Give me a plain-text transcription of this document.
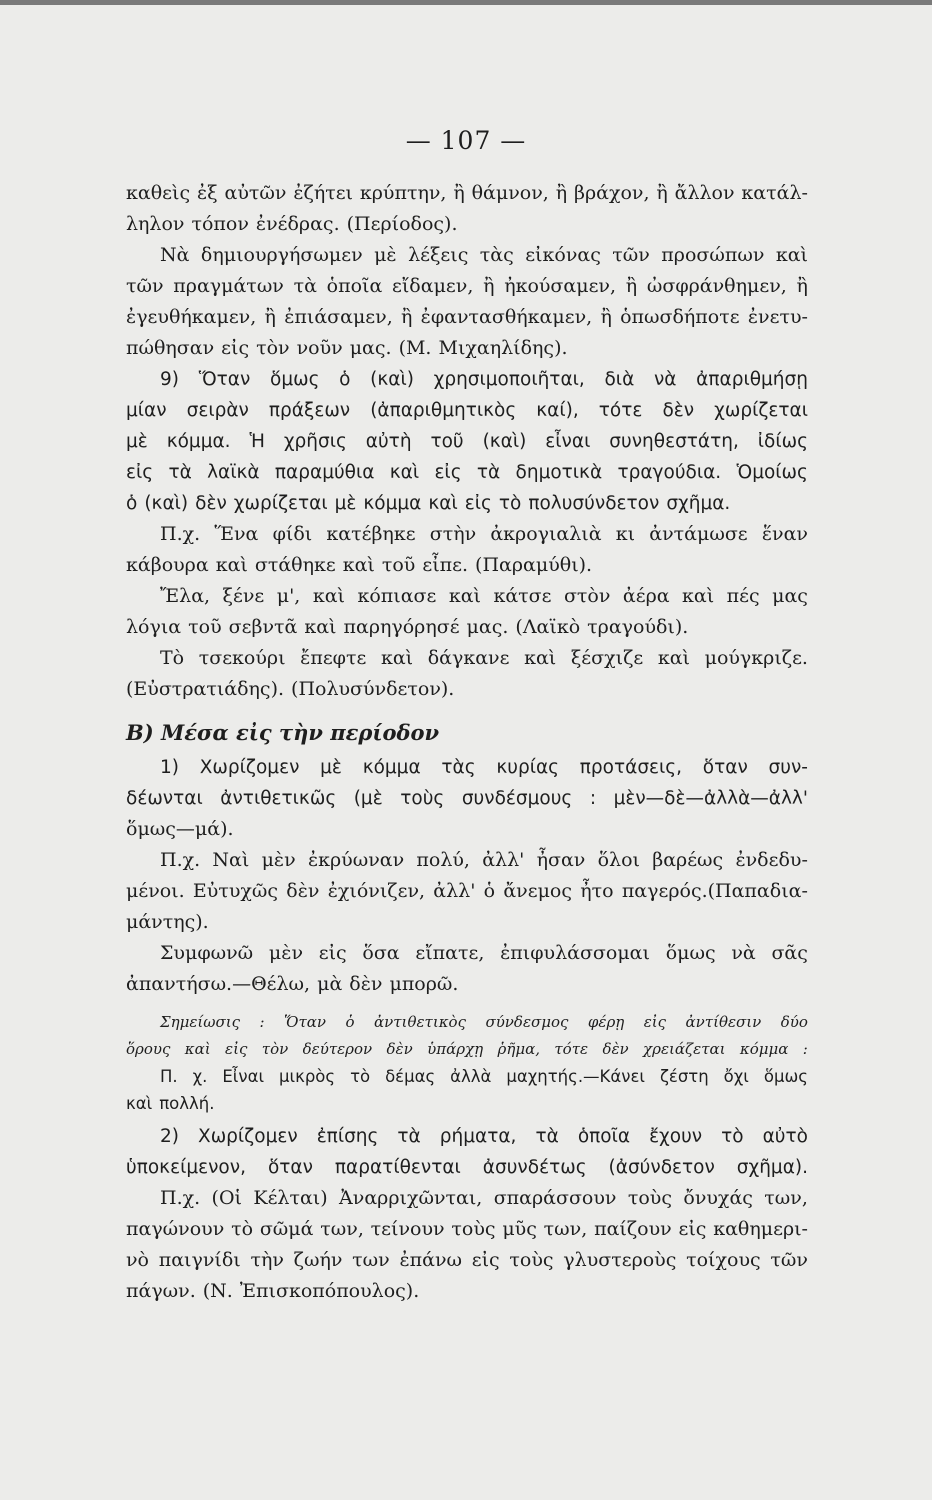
— 107 —
καθεὶς ἐξ αὐτῶν ἐζήτει κρύπτην, ἢ θάμνον, ἢ βράχον, ἢ ἄλλον κατάλ-
ληλον τόπον ἐνέδρας. (Περίοδος).
Νὰ δημιουργήσωμεν μὲ λέξεις τὰς εἰκόνας τῶν προσώπων καὶ
τῶν πραγμάτων τὰ ὁποῖα εἴδαμεν, ἢ ἠκούσαμεν, ἢ ὠσφράνθημεν, ἢ
ἐγευθήκαμεν, ἢ ἐπιάσαμεν, ἢ ἐφαντασθήκαμεν, ἢ ὁπωσδήποτε ἐνετυ-
πώθησαν εἰς τὸν νοῦν μας. (Μ. Μιχαηλίδης).
9) Ὅταν ὅμως ὁ (καὶ) χρησιμοποιῆται, διὰ νὰ ἀπαριθμήσῃ
μίαν σειρὰν πράξεων (ἀπαριθμητικὸς καί), τότε δὲν χωρίζεται
μὲ κόμμα. Ἡ χρῆσις αὐτὴ τοῦ (καὶ) εἶναι συνηθεστάτη, ἰδίως
εἰς τὰ λαϊκὰ παραμύθια καὶ εἰς τὰ δημοτικὰ τραγούδια. Ὁμοίως
ὁ (καὶ) δὲν χωρίζεται μὲ κόμμα καὶ εἰς τὸ πολυσύνδετον σχῆμα.
Π.χ. Ἕνα φίδι κατέβηκε στὴν ἀκρογιαλιὰ κι ἀντάμωσε ἕναν
κάβουρα καὶ στάθηκε καὶ τοῦ εἶπε. (Παραμύθι).
Ἔλα, ξένε μ', καὶ κόπιασε καὶ κάτσε στὸν ἀέρα καὶ πές μας
λόγια τοῦ σεβντᾶ καὶ παρηγόρησέ μας. (Λαϊκὸ τραγούδι).
Τὸ τσεκούρι ἔπεφτε καὶ δάγκανε καὶ ξέσχιζε καὶ μούγκριζε.
(Εὐστρατιάδης). (Πολυσύνδετον).
Β) Μέσα εἰς τὴν περίοδον
1) Χωρίζομεν μὲ κόμμα τὰς κυρίας προτάσεις, ὅταν συν-
δέωνται ἀντιθετικῶς (μὲ τοὺς συνδέσμους : μὲν—δὲ—ἀλλὰ—ἀλλ'
ὅμως—μά).
Π.χ. Ναὶ μὲν ἐκρύωναν πολύ, ἀλλ' ἦσαν ὅλοι βαρέως ἐνδεδυ-
μένοι. Εὐτυχῶς δὲν ἐχιόνιζεν, ἀλλ' ὁ ἄνεμος ἦτο παγερός.(Παπαδια-
μάντης).
Συμφωνῶ μὲν εἰς ὅσα εἴπατε, ἐπιφυλάσσομαι ὅμως νὰ σᾶς
ἀπαντήσω.—Θέλω, μὰ δὲν μπορῶ.
Σημείωσις : Ὅταν ὁ ἀντιθετικὸς σύνδεσμος φέρῃ εἰς ἀντίθεσιν δύο
ὅρους καὶ εἰς τὸν δεύτερον δὲν ὑπάρχῃ ῥῆμα, τότε δὲν χρειάζεται κόμμα :
Π. χ. Εἶναι μικρὸς τὸ δέμας ἀλλὰ μαχητής.—Κάνει ζέστη ὄχι ὅμως
καὶ πολλή.
2) Χωρίζομεν ἐπίσης τὰ ρήματα, τὰ ὁποῖα ἔχουν τὸ αὐτὸ
ὑποκείμενον, ὅταν παρατίθενται ἀσυνδέτως (ἀσύνδετον σχῆμα).
Π.χ. (Οἱ Κέλται) Ἀναρριχῶνται, σπαράσσουν τοὺς ὄνυχάς των,
παγώνουν τὸ σῶμά των, τείνουν τοὺς μῦς των, παίζουν εἰς καθημερι-
νὸ παιγνίδι τὴν ζωήν των ἐπάνω εἰς τοὺς γλυστεροὺς τοίχους τῶν
πάγων. (Ν. Ἐπισκοπόπουλος).
